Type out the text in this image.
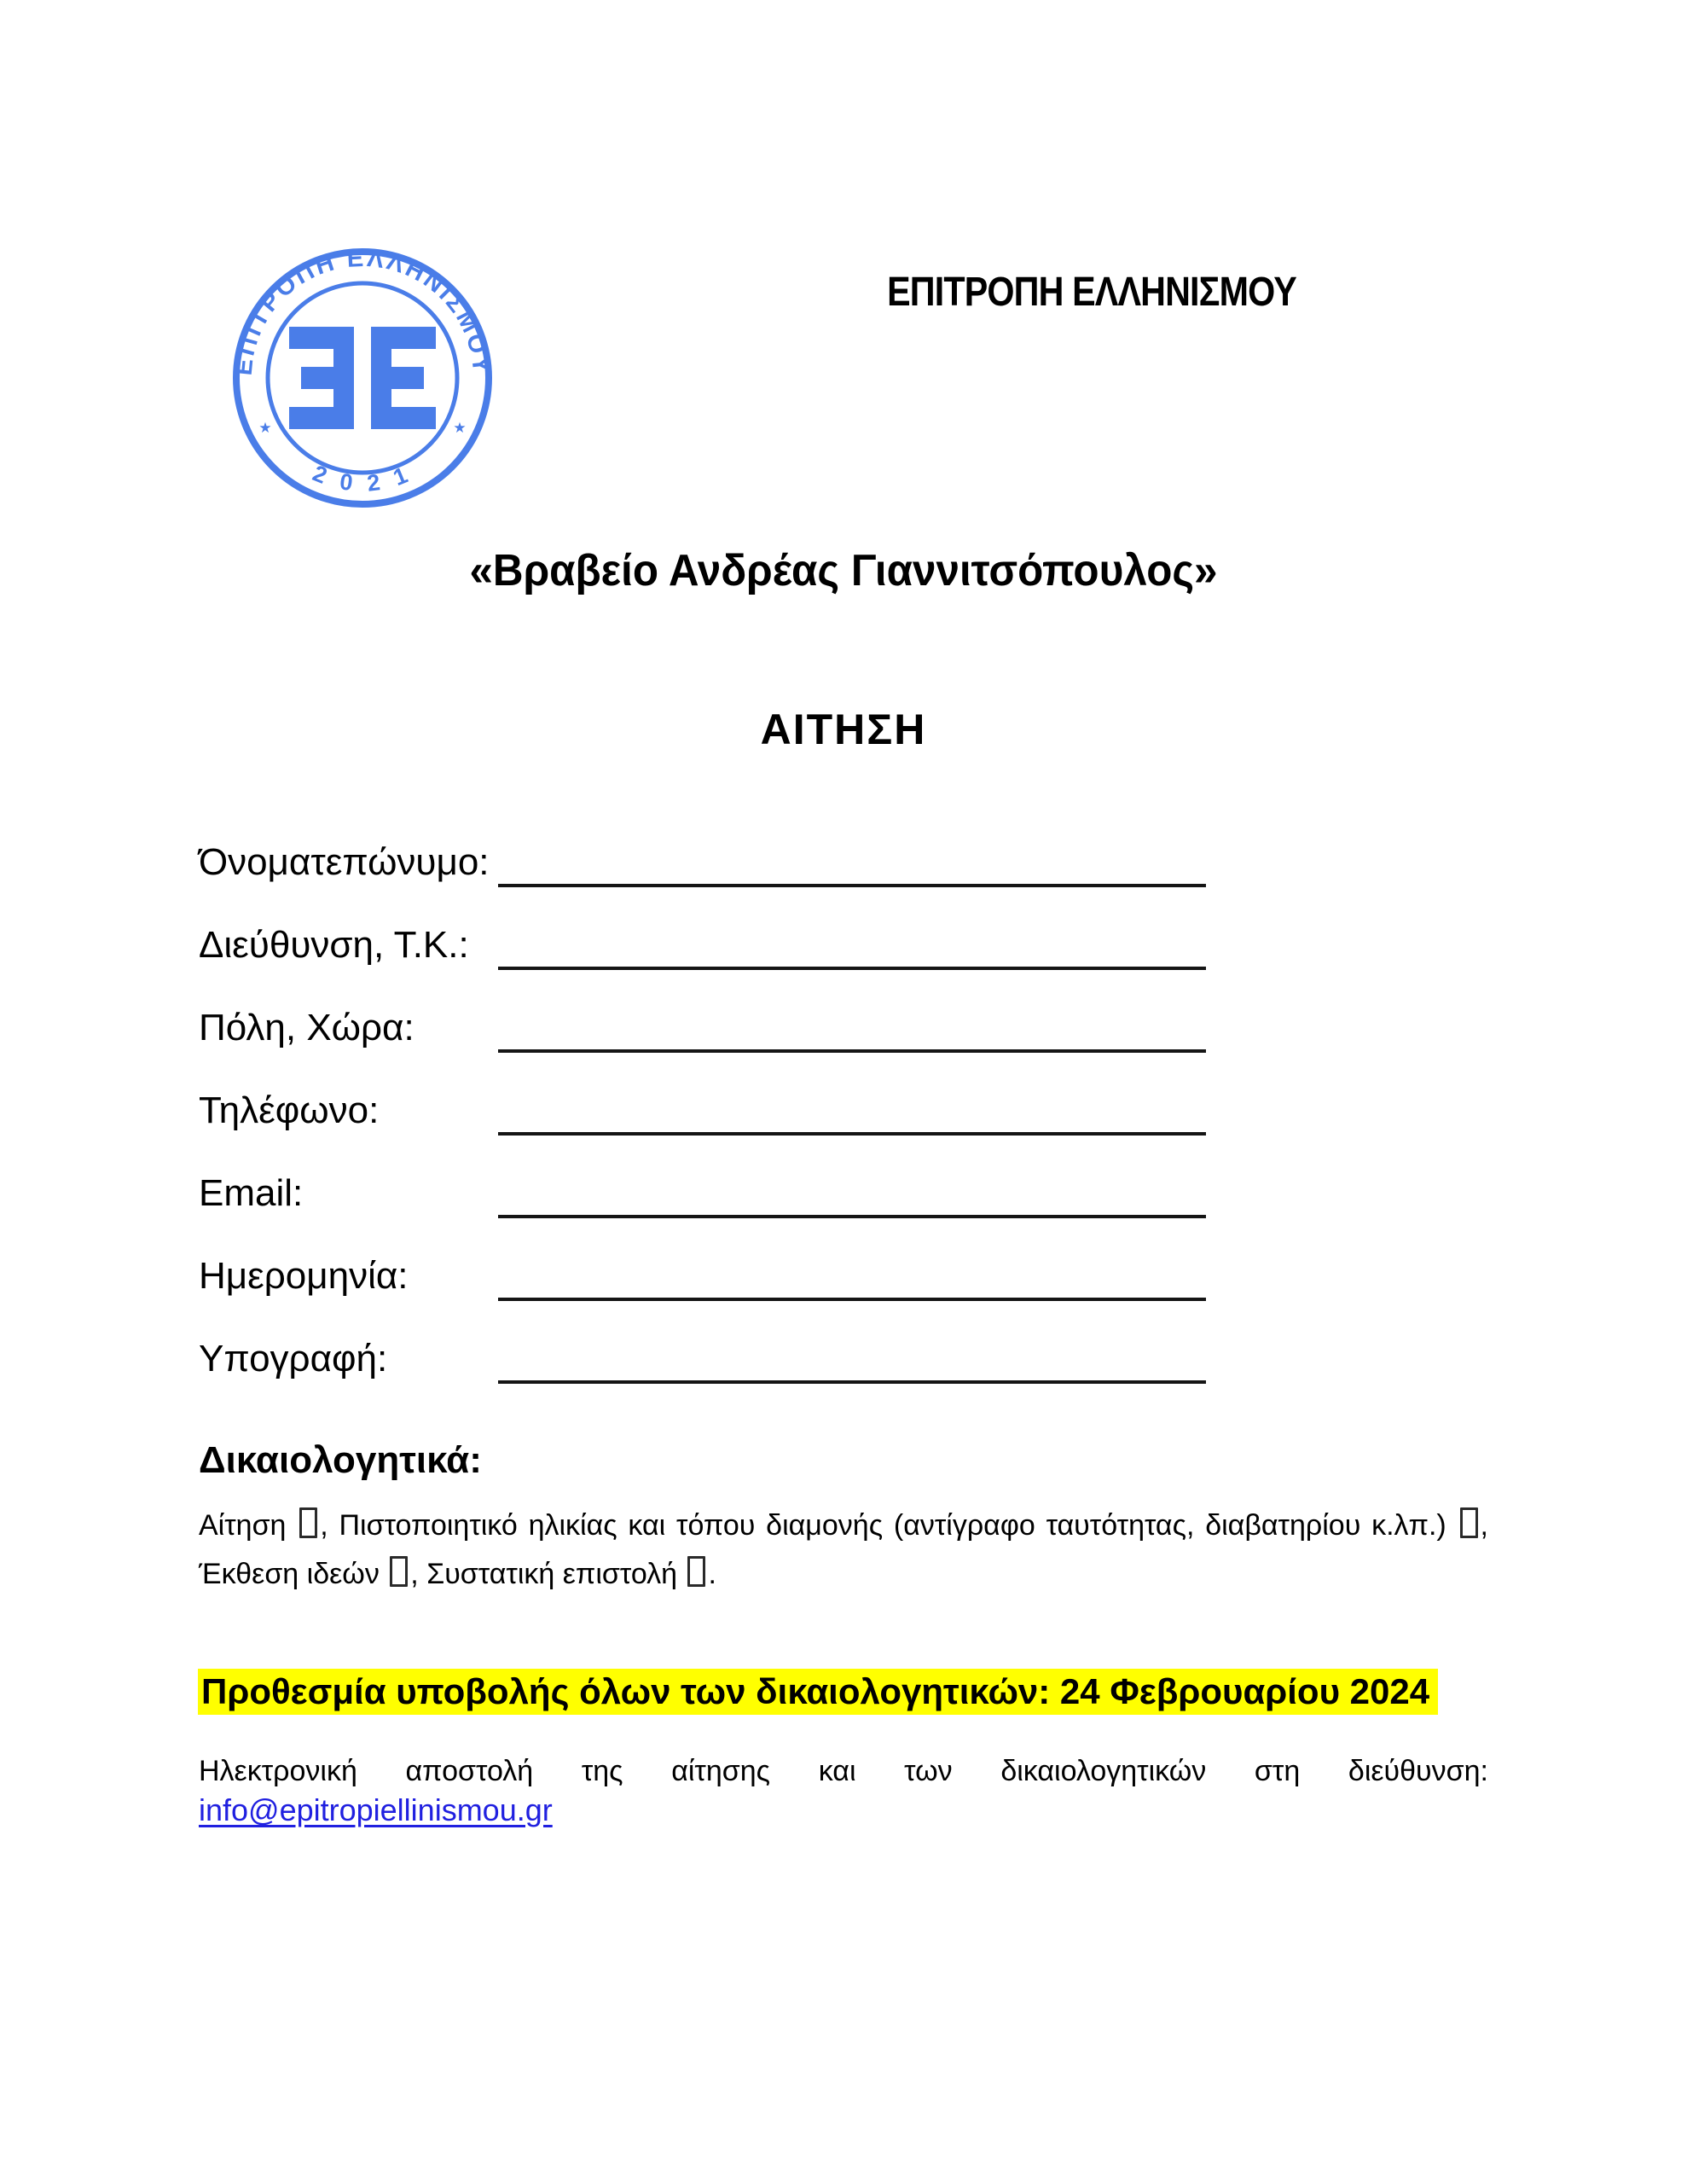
ΕΠΙΤΡΟΠΗ ΕΛΛΗΝΙΣΜΟΥ
2 0 2 1
★	★
ΕΠΙΤΡΟΠΗ ΕΛΛΗΝΙΣΜΟΥ
«Βραβείο Ανδρέας Γιαννιτσόπουλος»
ΑΙΤΗΣΗ
Όνοματεπώνυμο:
Διεύθυνση, Τ.Κ.:
Πόλη, Χώρα:
Τηλέφωνο:
Email:
Ημερομηνία:
Υπογραφή:
Δικαιολογητικά:
Αίτηση , Πιστοποιητικό ηλικίας και τόπου διαμονής (αντίγραφο ταυτότητας, διαβατηρίου κ.λπ.) ,
Έκθεση ιδεών , Συστατική επιστολή .
Προθεσμία υποβολής όλων των δικαιολογητικών: 24 Φεβρουαρίου 2024
Ηλεκτρονική αποστολή της αίτησης και των δικαιολογητικών στη διεύθυνση:
info@epitropiellinismou.gr
